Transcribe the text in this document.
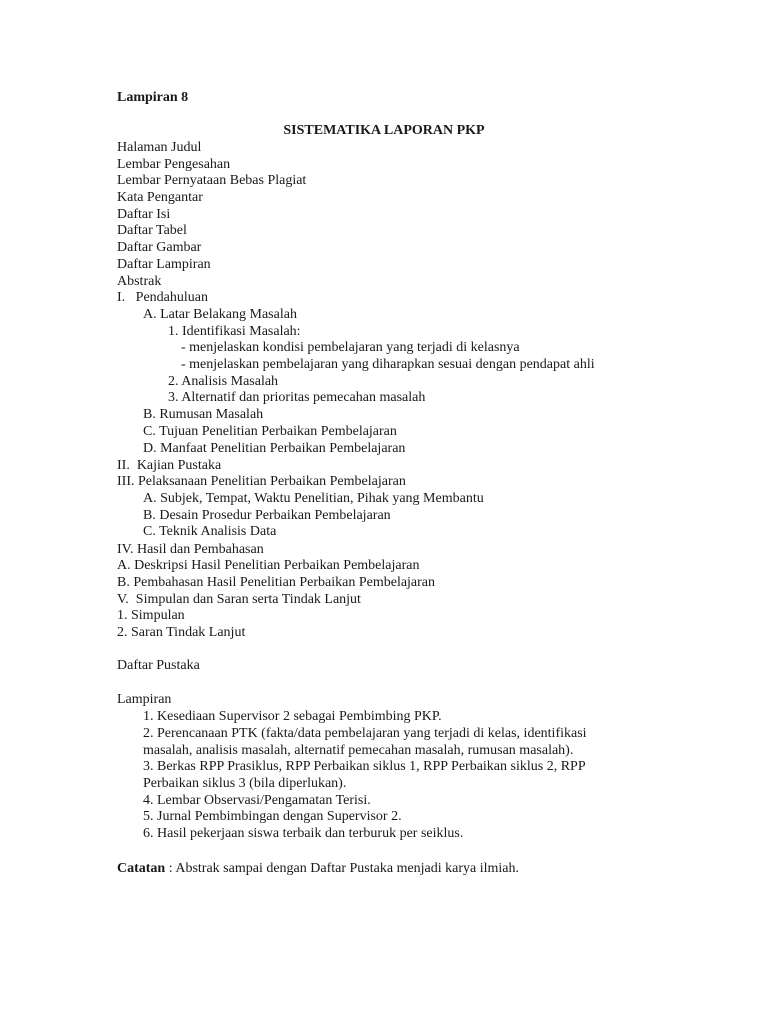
Lampiran 8
SISTEMATIKA LAPORAN PKP
Halaman Judul
Lembar Pengesahan
Lembar Pernyataan Bebas Plagiat
Kata Pengantar
Daftar Isi
Daftar Tabel
Daftar Gambar
Daftar Lampiran
Abstrak
I.   Pendahuluan
A. Latar Belakang Masalah
1. Identifikasi Masalah:
- menjelaskan kondisi pembelajaran yang terjadi di kelasnya
- menjelaskan pembelajaran yang diharapkan sesuai dengan pendapat ahli
2. Analisis Masalah
3. Alternatif dan prioritas pemecahan masalah
B. Rumusan Masalah
C. Tujuan Penelitian Perbaikan Pembelajaran
D. Manfaat Penelitian Perbaikan Pembelajaran
II.  Kajian Pustaka
III. Pelaksanaan Penelitian Perbaikan Pembelajaran
A. Subjek, Tempat, Waktu Penelitian, Pihak yang Membantu
B. Desain Prosedur Perbaikan Pembelajaran
C. Teknik Analisis Data
IV. Hasil dan Pembahasan
A. Deskripsi Hasil Penelitian Perbaikan Pembelajaran
B. Pembahasan Hasil Penelitian Perbaikan Pembelajaran
V.  Simpulan dan Saran serta Tindak Lanjut
1. Simpulan
2. Saran Tindak Lanjut
Daftar Pustaka
Lampiran
1. Kesediaan Supervisor 2 sebagai Pembimbing PKP.
2. Perencanaan PTK (fakta/data pembelajaran yang terjadi di kelas, identifikasi
masalah, analisis masalah, alternatif pemecahan masalah, rumusan masalah).
3. Berkas RPP Prasiklus, RPP Perbaikan siklus 1, RPP Perbaikan siklus 2, RPP
Perbaikan siklus 3 (bila diperlukan).
4. Lembar Observasi/Pengamatan Terisi.
5. Jurnal Pembimbingan dengan Supervisor 2.
6. Hasil pekerjaan siswa terbaik dan terburuk per seiklus.
Catatan : Abstrak sampai dengan Daftar Pustaka menjadi karya ilmiah.
